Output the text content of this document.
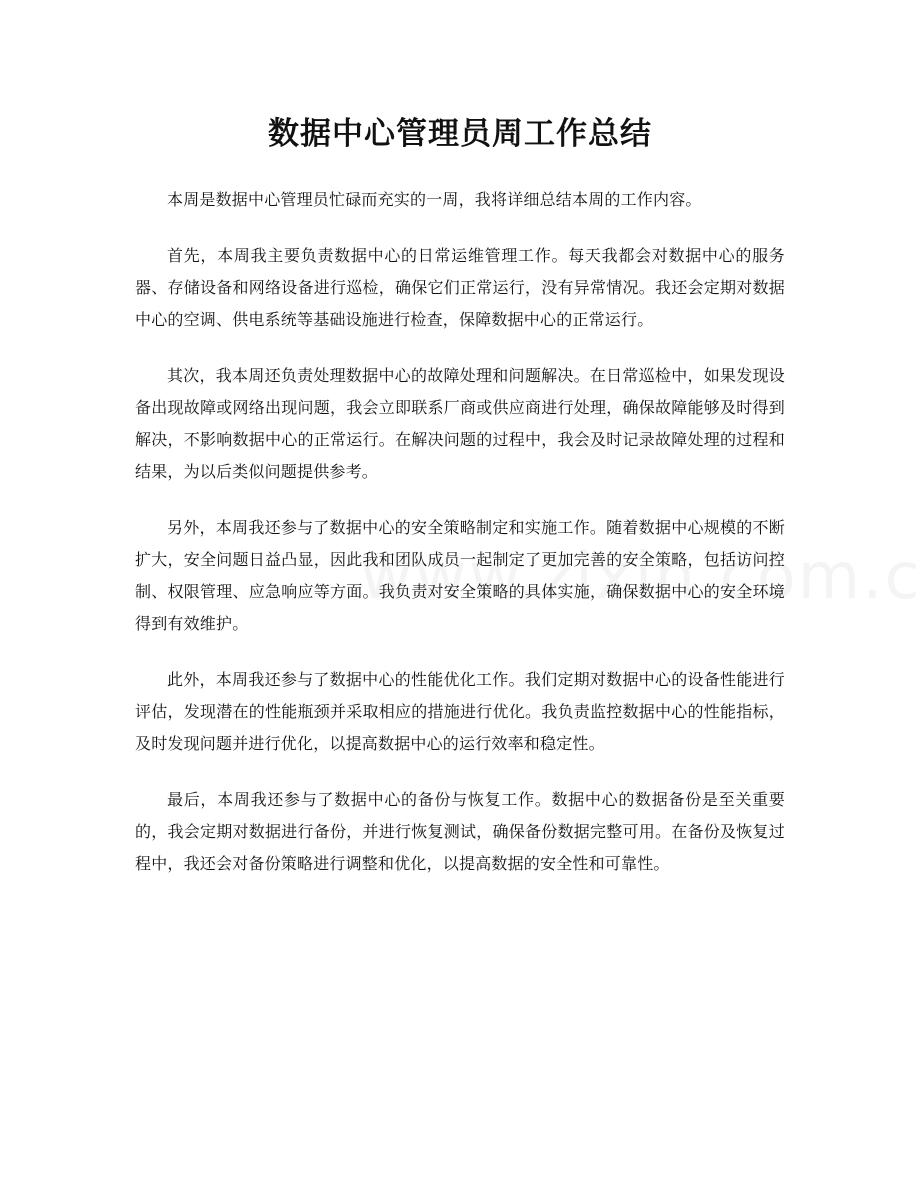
数据中心管理员周工作总结

本周是数据中心管理员忙碌而充实的一周，我将详细总结本周的工作内容。

首先，本周我主要负责数据中心的日常运维管理工作。每天我都会对数据中心的服务器、存储设备和网络设备进行巡检，确保它们正常运行，没有异常情况。我还会定期对数据中心的空调、供电系统等基础设施进行检查，保障数据中心的正常运行。

其次，我本周还负责处理数据中心的故障处理和问题解决。在日常巡检中，如果发现设备出现故障或网络出现问题，我会立即联系厂商或供应商进行处理，确保故障能够及时得到解决，不影响数据中心的正常运行。在解决问题的过程中，我会及时记录故障处理的过程和结果，为以后类似问题提供参考。

另外，本周我还参与了数据中心的安全策略制定和实施工作。随着数据中心规模的不断扩大，安全问题日益凸显，因此我和团队成员一起制定了更加完善的安全策略，包括访问控制、权限管理、应急响应等方面。我负责对安全策略的具体实施，确保数据中心的安全环境得到有效维护。

此外，本周我还参与了数据中心的性能优化工作。我们定期对数据中心的设备性能进行评估，发现潜在的性能瓶颈并采取相应的措施进行优化。我负责监控数据中心的性能指标，及时发现问题并进行优化，以提高数据中心的运行效率和稳定性。

最后，本周我还参与了数据中心的备份与恢复工作。数据中心的数据备份是至关重要的，我会定期对数据进行备份，并进行恢复测试，确保备份数据完整可用。在备份及恢复过程中，我还会对备份策略进行调整和优化，以提高数据的安全性和可靠性。
